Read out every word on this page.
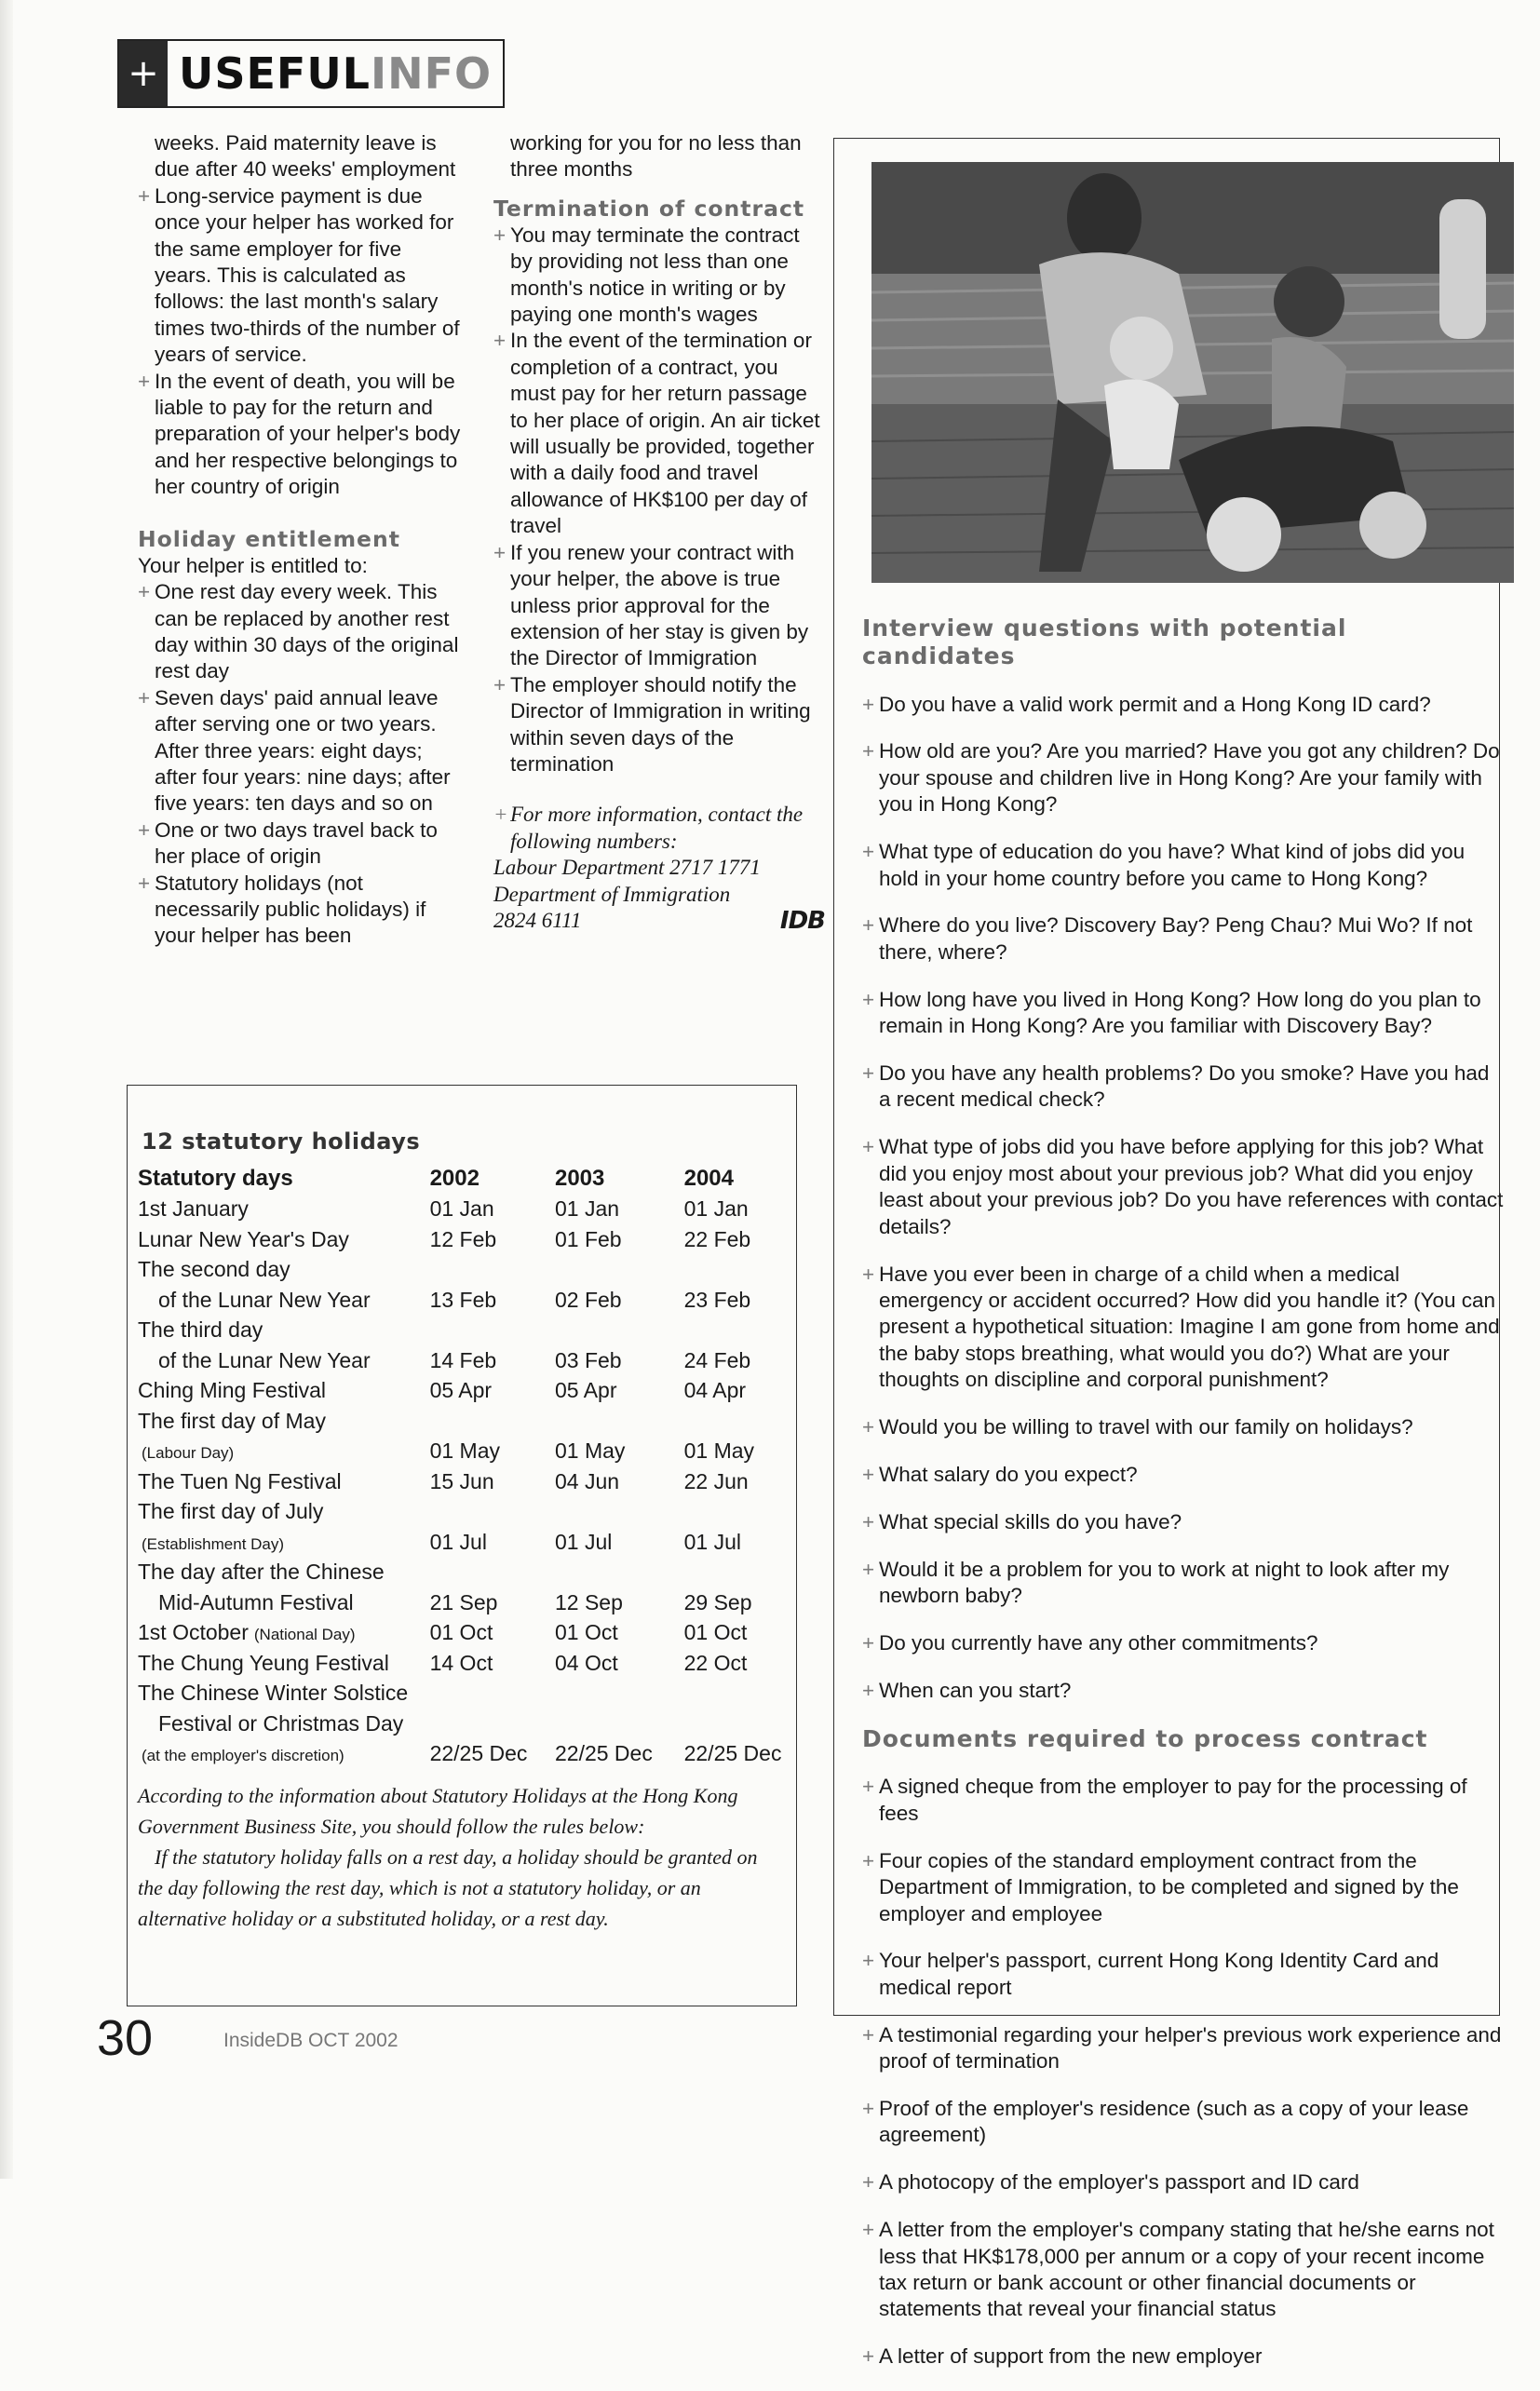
+ USEFUL INFO

weeks. Paid maternity leave is due after 40 weeks' employment

+ Long-service payment is due once your helper has worked for the same employer for five years. This is calculated as follows: the last month's salary times two-thirds of the number of years of service.

+ In the event of death, you will be liable to pay for the return and preparation of your helper's body and her respective belongings to her country of origin

Holiday entitlement

Your helper is entitled to:

+ One rest day every week. This can be replaced by another rest day within 30 days of the original rest day

+ Seven days' paid annual leave after serving one or two years. After three years: eight days; after four years: nine days; after five years: ten days and so on

+ One or two days travel back to her place of origin

+ Statutory holidays (not necessarily public holidays) if your helper has been

working for you for no less than three months

Termination of contract

+ You may terminate the contract by providing not less than one month's notice in writing or by paying one month's wages

+ In the event of the termination or completion of a contract, you must pay for her return passage to her place of origin. An air ticket will usually be provided, together with a daily food and travel allowance of HK$100 per day of travel

+ If you renew your contract with your helper, the above is true unless prior approval for the extension of her stay is given by the Director of Immigration

+ The employer should notify the Director of Immigration in writing within seven days of the termination

+ For more information, contact the following numbers:

Labour Department 2717 1771

Department of Immigration

2824 6111	IDB

Interview questions with potential candidates

+ Do you have a valid work permit and a Hong Kong ID card?

+ How old are you? Are you married? Have you got any children? Do your spouse and children live in Hong Kong? Are your family with you in Hong Kong?

+ What type of education do you have? What kind of jobs did you hold in your home country before you came to Hong Kong?

+ Where do you live? Discovery Bay? Peng Chau? Mui Wo? If not there, where?

+ How long have you lived in Hong Kong? How long do you plan to remain in Hong Kong? Are you familiar with Discovery Bay?

+ Do you have any health problems? Do you smoke? Have you had a recent medical check?

+ What type of jobs did you have before applying for this job? What did you enjoy most about your previous job? What did you enjoy least about your previous job? Do you have references with contact details?

+ Have you ever been in charge of a child when a medical emergency or accident occurred? How did you handle it? (You can present a hypothetical situation: Imagine I am gone from home and the baby stops breathing, what would you do?) What are your thoughts on discipline and corporal punishment?

+ Would you be willing to travel with our family on holidays?

+ What salary do you expect?

+ What special skills do you have?

+ Would it be a problem for you to work at night to look after my newborn baby?

+ Do you currently have any other commitments?

+ When can you start?

Documents required to process contract

+ A signed cheque from the employer to pay for the processing of fees

+ Four copies of the standard employment contract from the Department of Immigration, to be completed and signed by the employer and employee

+ Your helper's passport, current Hong Kong Identity Card and medical report

+ A testimonial regarding your helper's previous work experience and proof of termination

+ Proof of the employer's residence (such as a copy of your lease agreement)

+ A photocopy of the employer's passport and ID card

+ A letter from the employer's company stating that he/she earns not less that HK$178,000 per annum or a copy of your recent income tax return or bank account or other financial documents or statements that reveal your financial status

+ A letter of support from the new employer

12 statutory holidays

Statutory days	2002	2003	2004
1st January	01 Jan	01 Jan	01 Jan
Lunar New Year's Day	12 Feb	01 Feb	22 Feb
The second day			
of the Lunar New Year	13 Feb	02 Feb	23 Feb
The third day			
of the Lunar New Year	14 Feb	03 Feb	24 Feb
Ching Ming Festival	05 Apr	05 Apr	04 Apr
The first day of May			
(Labour Day)	01 May	01 May	01 May
The Tuen Ng Festival	15 Jun	04 Jun	22 Jun
The first day of July			
(Establishment Day)	01 Jul	01 Jul	01 Jul
The day after the Chinese			
Mid-Autumn Festival	21 Sep	12 Sep	29 Sep
1st October (National Day)	01 Oct	01 Oct	01 Oct
The Chung Yeung Festival	14 Oct	04 Oct	22 Oct
The Chinese Winter Solstice			
Festival or Christmas Day			
(at the employer's discretion)	22/25 Dec	22/25 Dec	22/25 Dec

According to the information about Statutory Holidays at the Hong Kong Government Business Site, you should follow the rules below:

If the statutory holiday falls on a rest day, a holiday should be granted on the day following the rest day, which is not a statutory holiday, or an alternative holiday or a substituted holiday, or a rest day.

30	InsideDB OCT 2002
